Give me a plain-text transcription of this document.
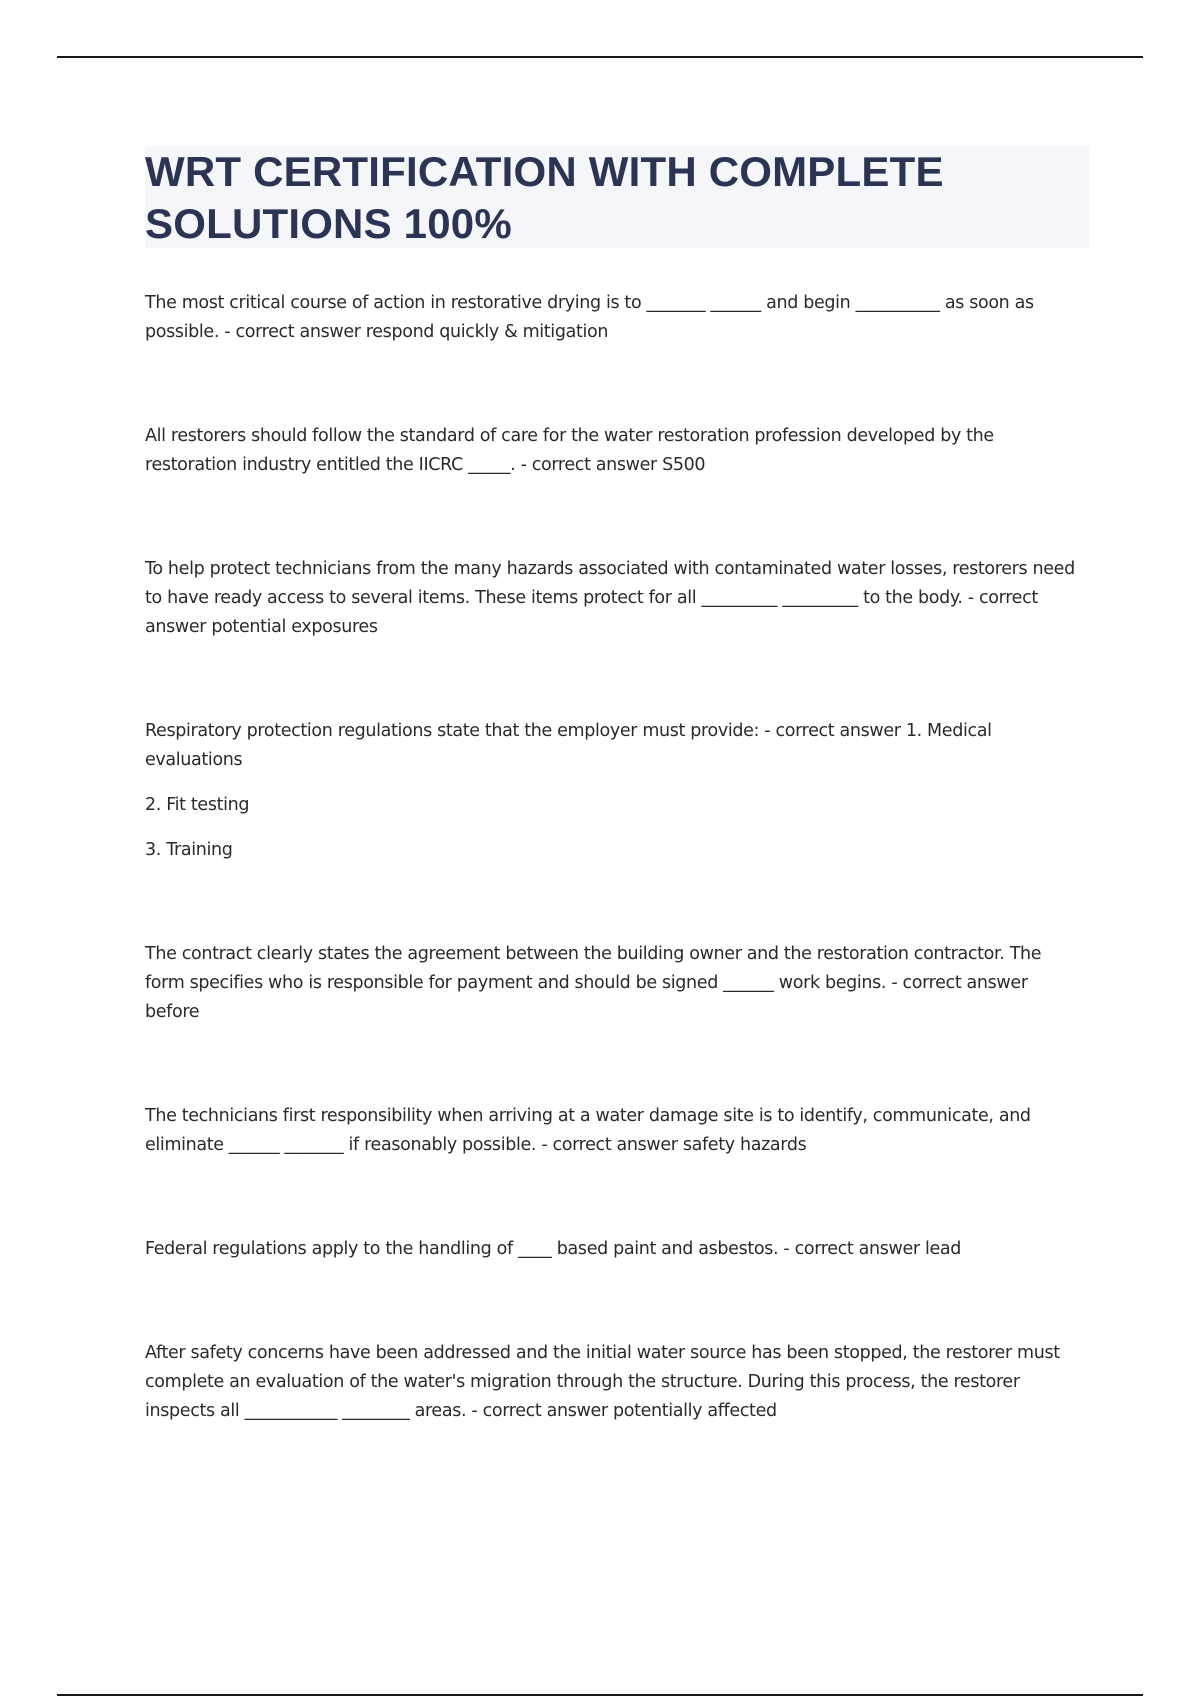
WRT CERTIFICATION WITH COMPLETE SOLUTIONS 100%

The most critical course of action in restorative drying is to _______ ______ and begin __________ as soon as possible. - correct answer respond quickly & mitigation

All restorers should follow the standard of care for the water restoration profession developed by the restoration industry entitled the IICRC _____. - correct answer S500

To help protect technicians from the many hazards associated with contaminated water losses, restorers need to have ready access to several items. These items protect for all _________ _________ to the body. - correct answer potential exposures

Respiratory protection regulations state that the employer must provide: - correct answer 1. Medical evaluations

2. Fit testing

3. Training

The contract clearly states the agreement between the building owner and the restoration contractor. The form specifies who is responsible for payment and should be signed ______ work begins. - correct answer before

The technicians first responsibility when arriving at a water damage site is to identify, communicate, and eliminate ______ _______ if reasonably possible. - correct answer safety hazards

Federal regulations apply to the handling of ____ based paint and asbestos. - correct answer lead

After safety concerns have been addressed and the initial water source has been stopped, the restorer must complete an evaluation of the water's migration through the structure. During this process, the restorer inspects all ___________ ________ areas. - correct answer potentially affected
